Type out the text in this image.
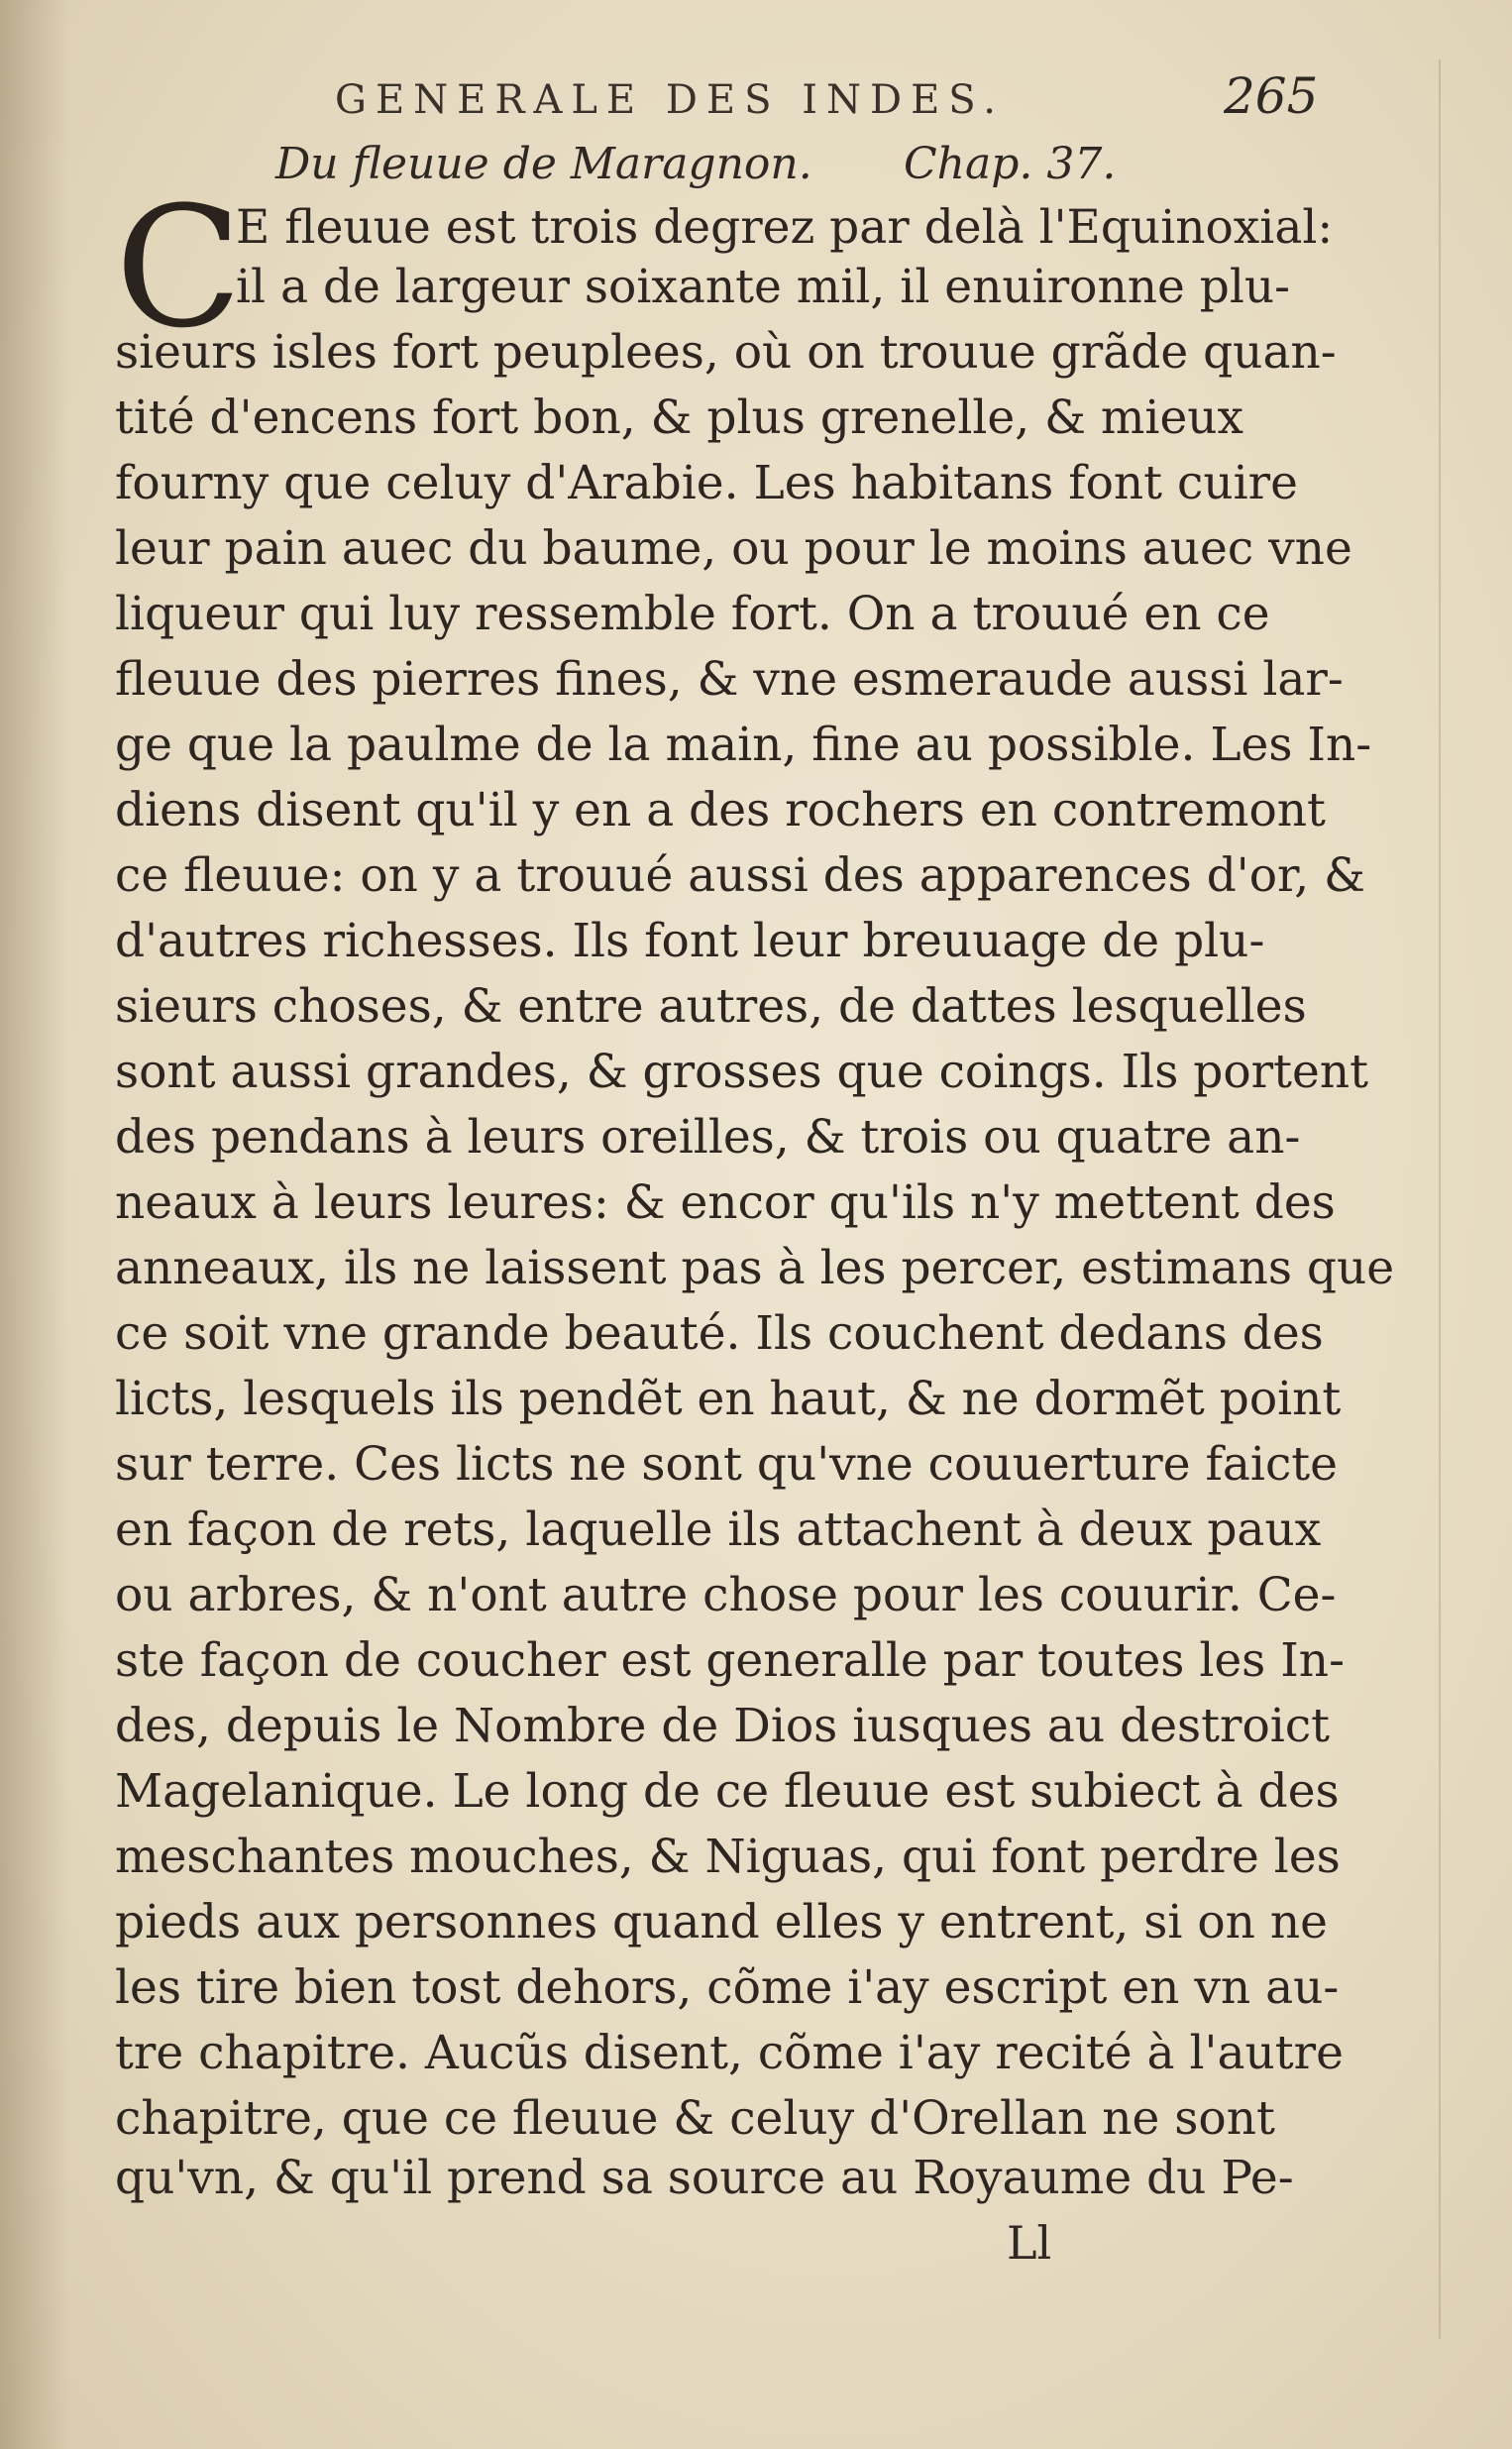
GENERALE DES INDES.	265
Du fleuue de Maragnon. Chap. 37.
C
E fleuue est trois degrez par delà l'Equinoxial:
il a de largeur soixante mil, il enuironne plu-
sieurs isles fort peuplees, où on trouue grãde quan-
tité d'encens fort bon, & plus grenelle, & mieux
fourny que celuy d'Arabie. Les habitans font cuire
leur pain auec du baume, ou pour le moins auec vne
liqueur qui luy ressemble fort. On a trouué en ce
fleuue des pierres fines, & vne esmeraude aussi lar-
ge que la paulme de la main, fine au possible. Les In-
diens disent qu'il y en a des rochers en contremont
ce fleuue: on y a trouué aussi des apparences d'or, &
d'autres richesses. Ils font leur breuuage de plu-
sieurs choses, & entre autres, de dattes lesquelles
sont aussi grandes, & grosses que coings. Ils portent
des pendans à leurs oreilles, & trois ou quatre an-
neaux à leurs leures: & encor qu'ils n'y mettent des
anneaux, ils ne laissent pas à les percer, estimans que
ce soit vne grande beauté. Ils couchent dedans des
licts, lesquels ils pendẽt en haut, & ne dormẽt point
sur terre. Ces licts ne sont qu'vne couuerture faicte
en façon de rets, laquelle ils attachent à deux paux
ou arbres, & n'ont autre chose pour les couurir. Ce-
ste façon de coucher est generalle par toutes les In-
des, depuis le Nombre de Dios iusques au destroict
Magelanique. Le long de ce fleuue est subiect à des
meschantes mouches, & Niguas, qui font perdre les
pieds aux personnes quand elles y entrent, si on ne
les tire bien tost dehors, cõme i'ay escript en vn au-
tre chapitre. Aucũs disent, cõme i'ay recité à l'autre
chapitre, que ce fleuue & celuy d'Orellan ne sont
qu'vn, & qu'il prend sa source au Royaume du Pe-
Ll
